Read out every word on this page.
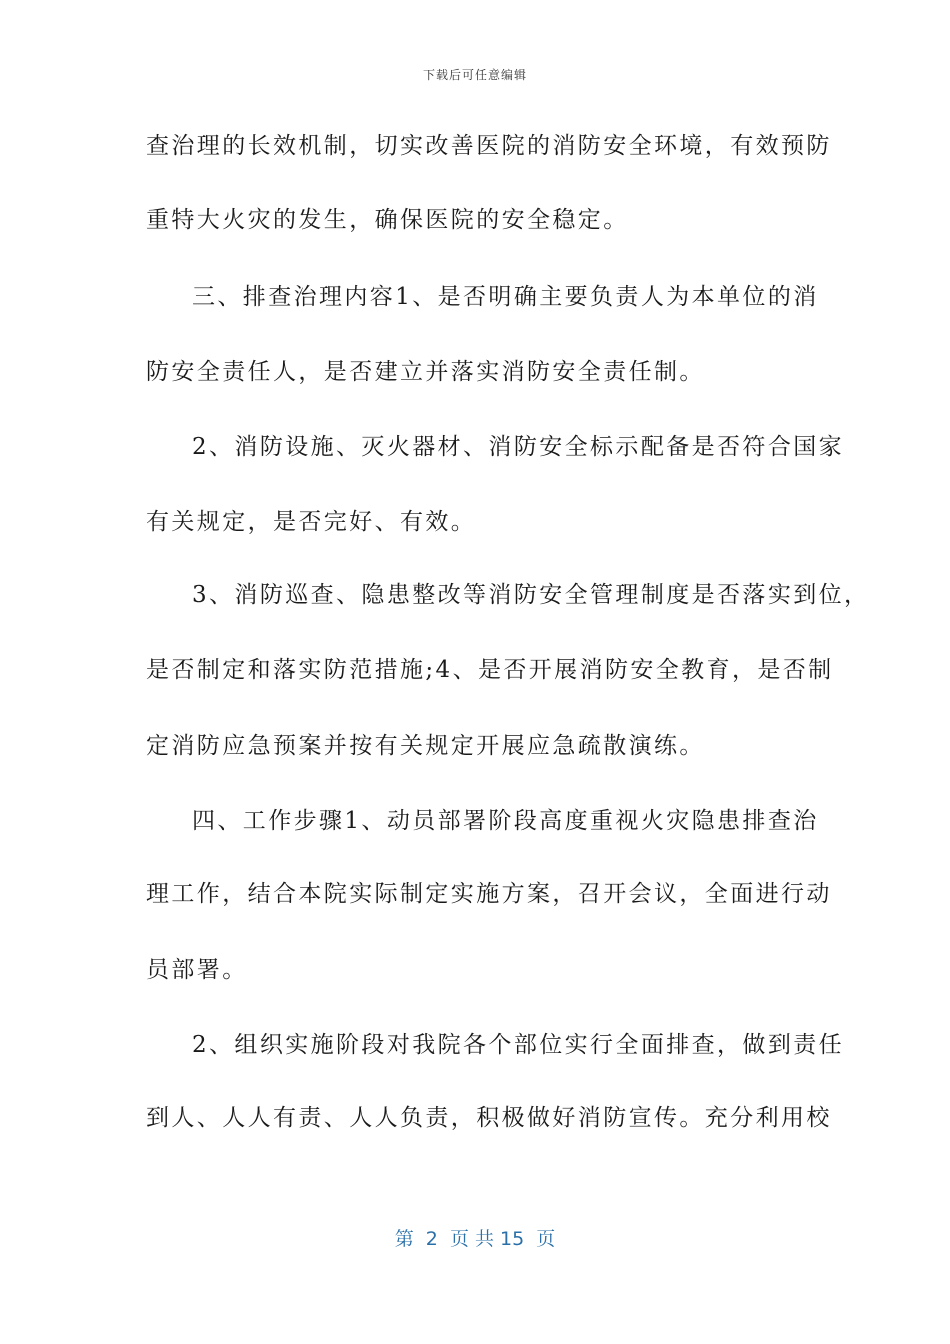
下载后可任意编辑
查治理的长效机制，切实改善医院的消防安全环境，有效预防
重特大火灾的发生，确保医院的安全稳定。
三、排查治理内容1、是否明确主要负责人为本单位的消
防安全责任人，是否建立并落实消防安全责任制。
2、消防设施、灭火器材、消防安全标示配备是否符合国家
有关规定，是否完好、有效。
3、消防巡查、隐患整改等消防安全管理制度是否落实到位，
是否制定和落实防范措施;4、是否开展消防安全教育，是否制
定消防应急预案并按有关规定开展应急疏散演练。
四、工作步骤1、动员部署阶段高度重视火灾隐患排查治
理工作，结合本院实际制定实施方案，召开会议，全面进行动
员部署。
2、组织实施阶段对我院各个部位实行全面排查，做到责任
到人、人人有责、人人负责，积极做好消防宣传。充分利用校
第  2  页 共 15  页
